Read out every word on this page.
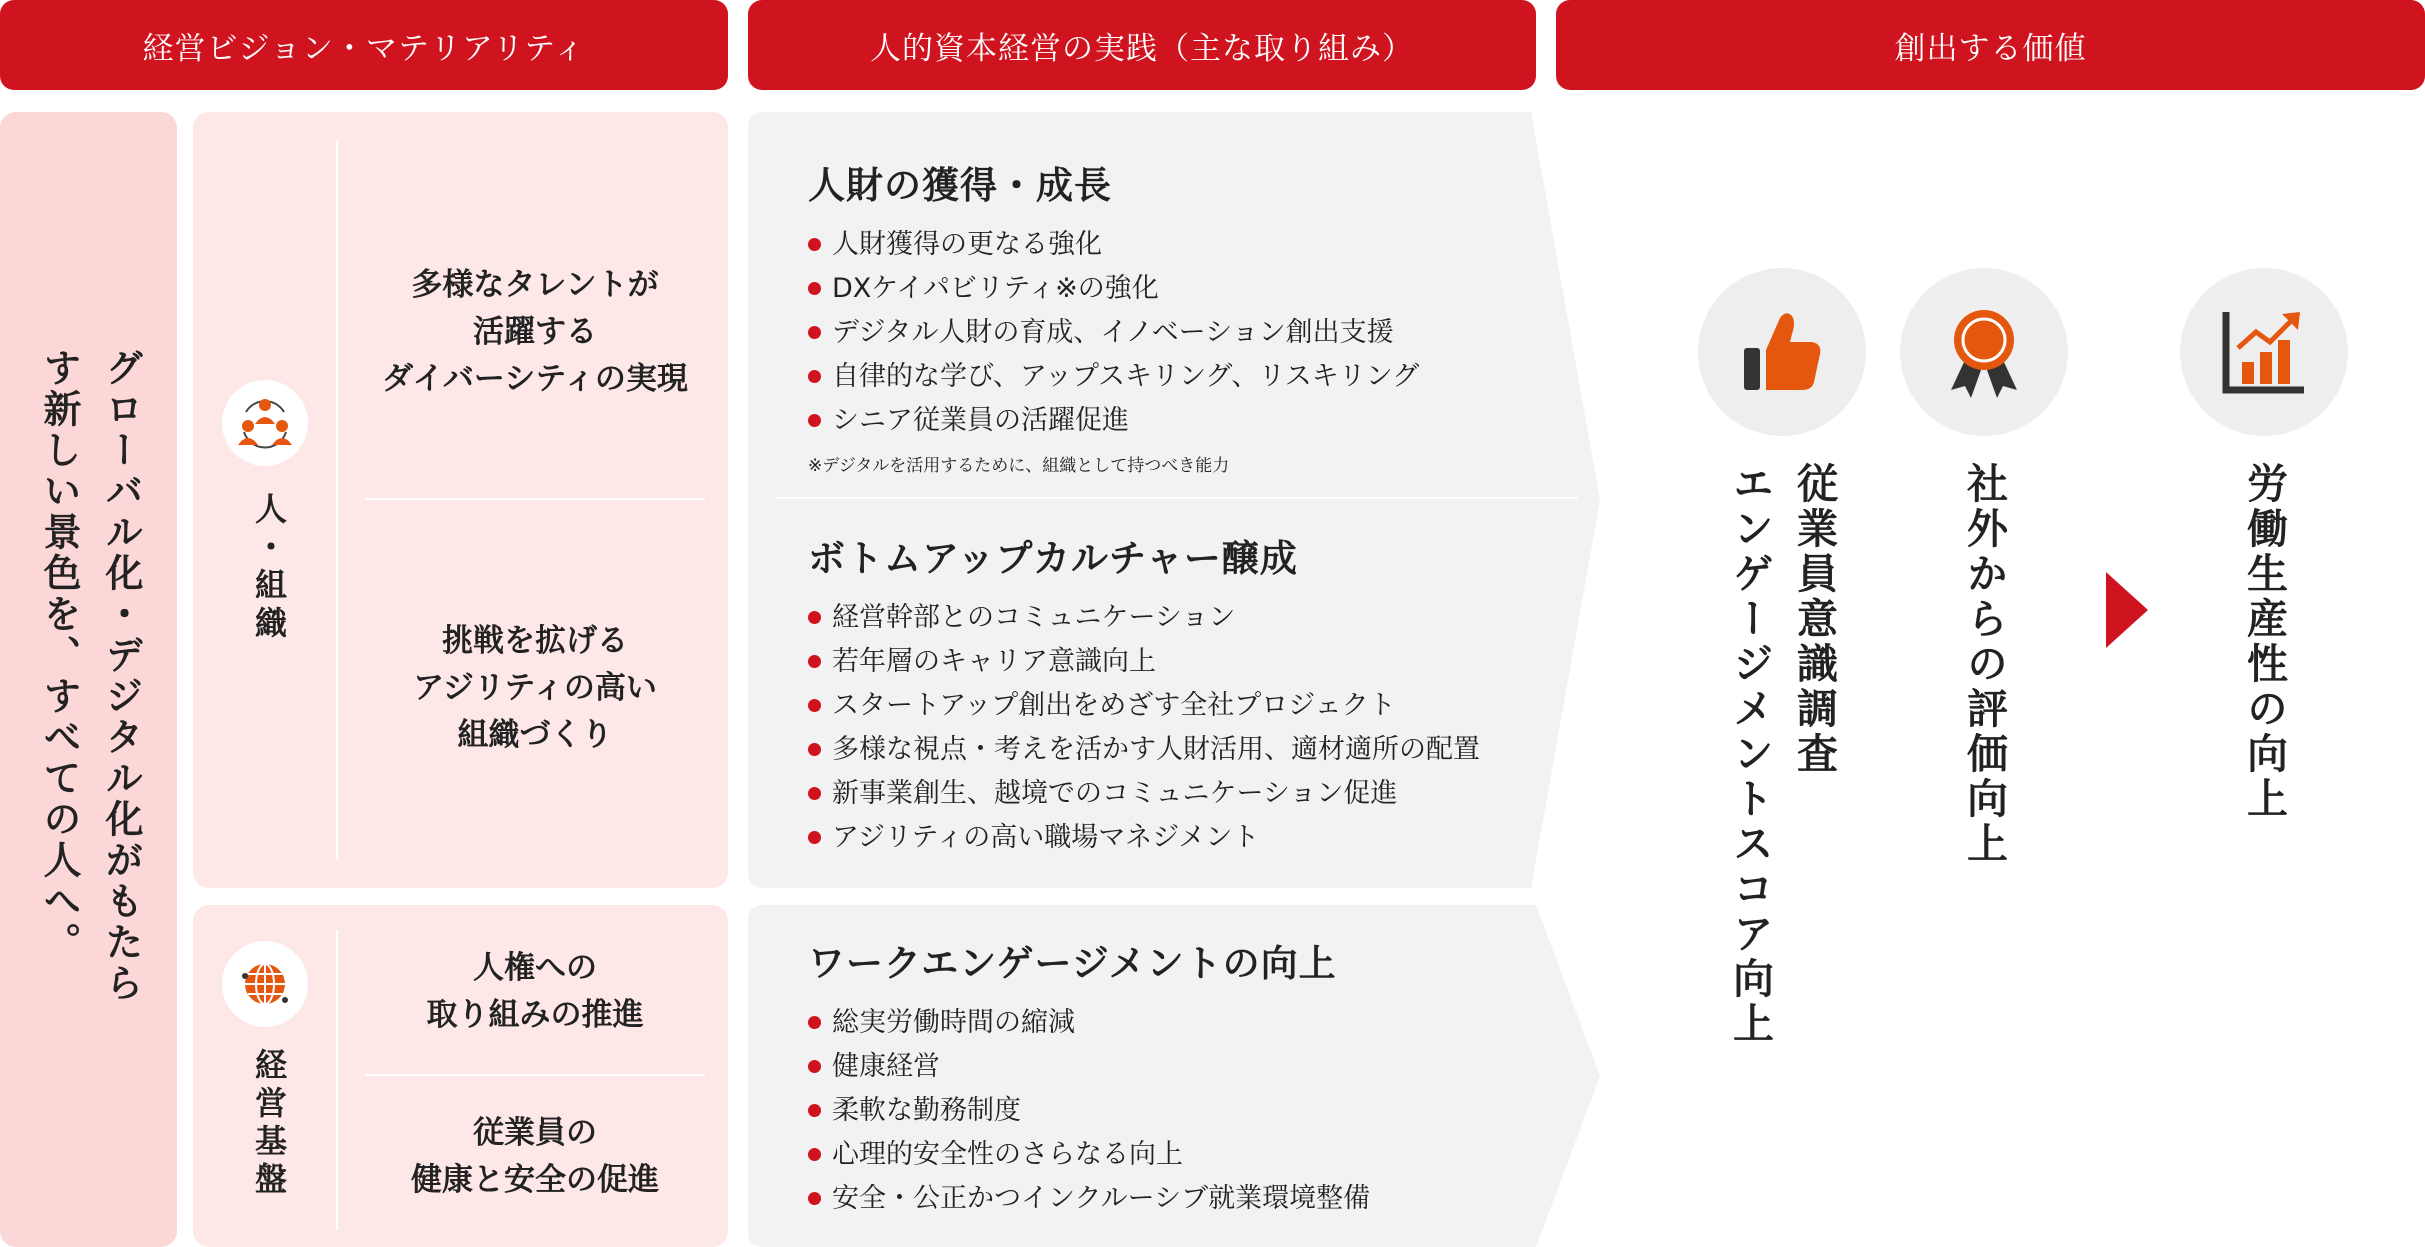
経営ビジョン・マテリアリティ	人的資本経営の実践（主な取り組み）	創出する価値
グローバル化・デジタル化がもたらす新しい景色を、すべての人へ。	人・組織
多様なタレントが
活躍する
ダイバーシティの実現
挑戦を拡げる
アジリティの高い
組織づくり
経営基盤
人権への
取り組みの推進
従業員の
健康と安全の促進
人財の獲得・成長
人財獲得の更なる強化
DXケイパビリティ※の強化
デジタル人財の育成、イノベーション創出支援
自律的な学び、アップスキリング、リスキリング
シニア従業員の活躍促進
※デジタルを活用するために、組織として持つべき能力
ボトムアップカルチャー醸成
経営幹部とのコミュニケーション
若年層のキャリア意識向上
スタートアップ創出をめざす全社プロジェクト
多様な視点・考えを活かす人財活用、適材適所の配置
新事業創生、越境でのコミュニケーション促進
アジリティの高い職場マネジメント
ワークエンゲージメントの向上
総実労働時間の縮減
健康経営
柔軟な勤務制度
心理的安全性のさらなる向上
安全・公正かつインクルーシブ就業環境整備
従業員意識調査
エンゲージメントスコア向上	社外からの評価向上	労働生産性の向上
